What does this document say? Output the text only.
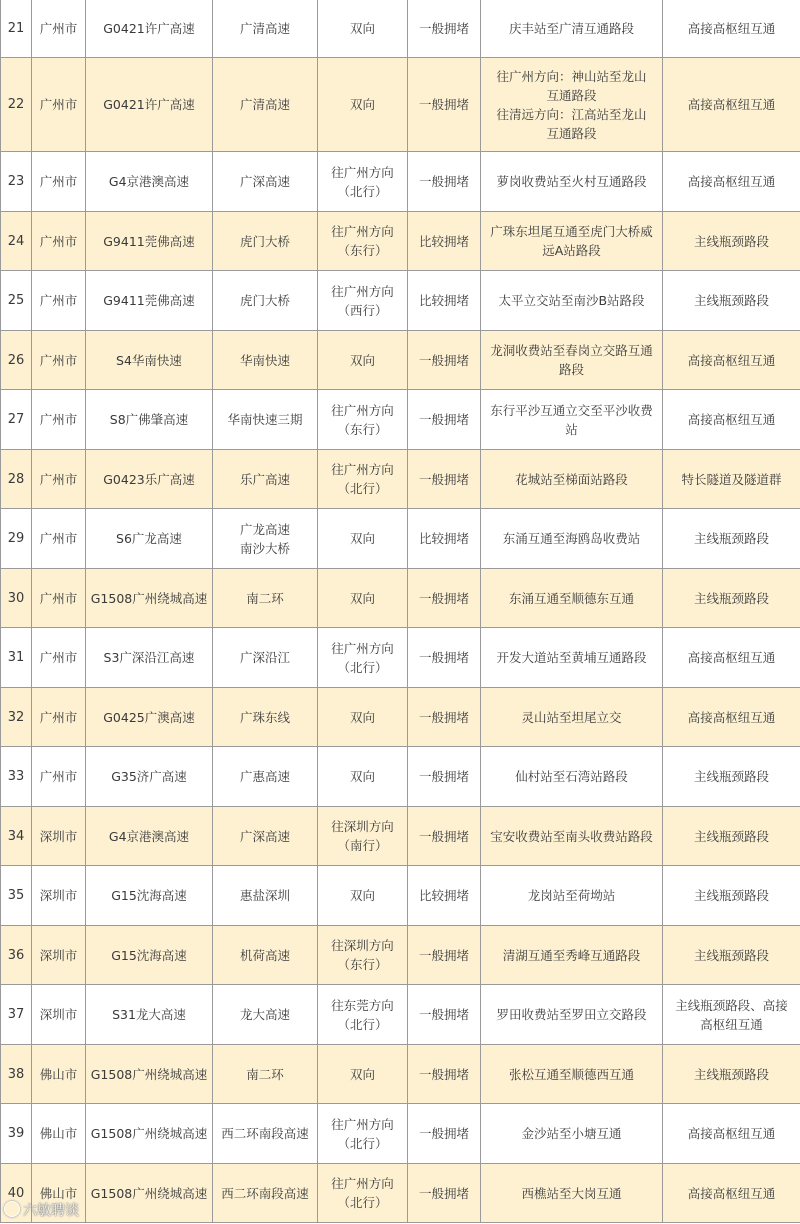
21	广州市	G0421许广高速	广清高速	双向	一般拥堵	庆丰站至广清互通路段	高接高枢纽互通

22	广州市	G0421许广高速	广清高速	双向	一般拥堵	往广州方向：神山站至龙山
互通路段
往清远方向：江高站至龙山
互通路段	高接高枢纽互通

23	广州市	G4京港澳高速	广深高速	往广州方向
（北行）	一般拥堵	萝岗收费站至火村互通路段	高接高枢纽互通

24	广州市	G9411莞佛高速	虎门大桥	往广州方向
（东行）	比较拥堵	广珠东坦尾互通至虎门大桥威
远A站路段	主线瓶颈路段

25	广州市	G9411莞佛高速	虎门大桥	往广州方向
（西行）	比较拥堵	太平立交站至南沙B站路段	主线瓶颈路段

26	广州市	S4华南快速	华南快速	双向	一般拥堵	龙洞收费站至春岗立交路互通
路段	高接高枢纽互通

27	广州市	S8广佛肇高速	华南快速三期	往广州方向
（东行）	一般拥堵	东行平沙互通立交至平沙收费
站	高接高枢纽互通

28	广州市	G0423乐广高速	乐广高速	往广州方向
（北行）	一般拥堵	花城站至梯面站路段	特长隧道及隧道群

29	广州市	S6广龙高速	广龙高速
南沙大桥	双向	比较拥堵	东涌互通至海鸥岛收费站	主线瓶颈路段

30	广州市	G1508广州绕城高速	南二环	双向	一般拥堵	东涌互通至顺德东互通	主线瓶颈路段

31	广州市	S3广深沿江高速	广深沿江	往广州方向
（北行）	一般拥堵	开发大道站至黄埔互通路段	高接高枢纽互通

32	广州市	G0425广澳高速	广珠东线	双向	一般拥堵	灵山站至坦尾立交	高接高枢纽互通

33	广州市	G35济广高速	广惠高速	双向	一般拥堵	仙村站至石湾站路段	主线瓶颈路段

34	深圳市	G4京港澳高速	广深高速	往深圳方向
（南行）	一般拥堵	宝安收费站至南头收费站路段	主线瓶颈路段

35	深圳市	G15沈海高速	惠盐深圳	双向	比较拥堵	龙岗站至荷坳站	主线瓶颈路段

36	深圳市	G15沈海高速	机荷高速	往深圳方向
（东行）	一般拥堵	清湖互通至秀峰互通路段	主线瓶颈路段

37	深圳市	S31龙大高速	龙大高速	往东莞方向
（北行）	一般拥堵	罗田收费站至罗田立交路段	主线瓶颈路段、高接
高枢纽互通

38	佛山市	G1508广州绕城高速	南二环	双向	一般拥堵	张松互通至顺德西互通	主线瓶颈路段

39	佛山市	G1508广州绕城高速	西二环南段高速	往广州方向
（北行）	一般拥堵	金沙站至小塘互通	高接高枢纽互通

40	佛山市	G1508广州绕城高速	西二环南段高速	往广州方向
（北行）	一般拥堵	西樵站至大岗互通	高接高枢纽互通
六敏聘谈
